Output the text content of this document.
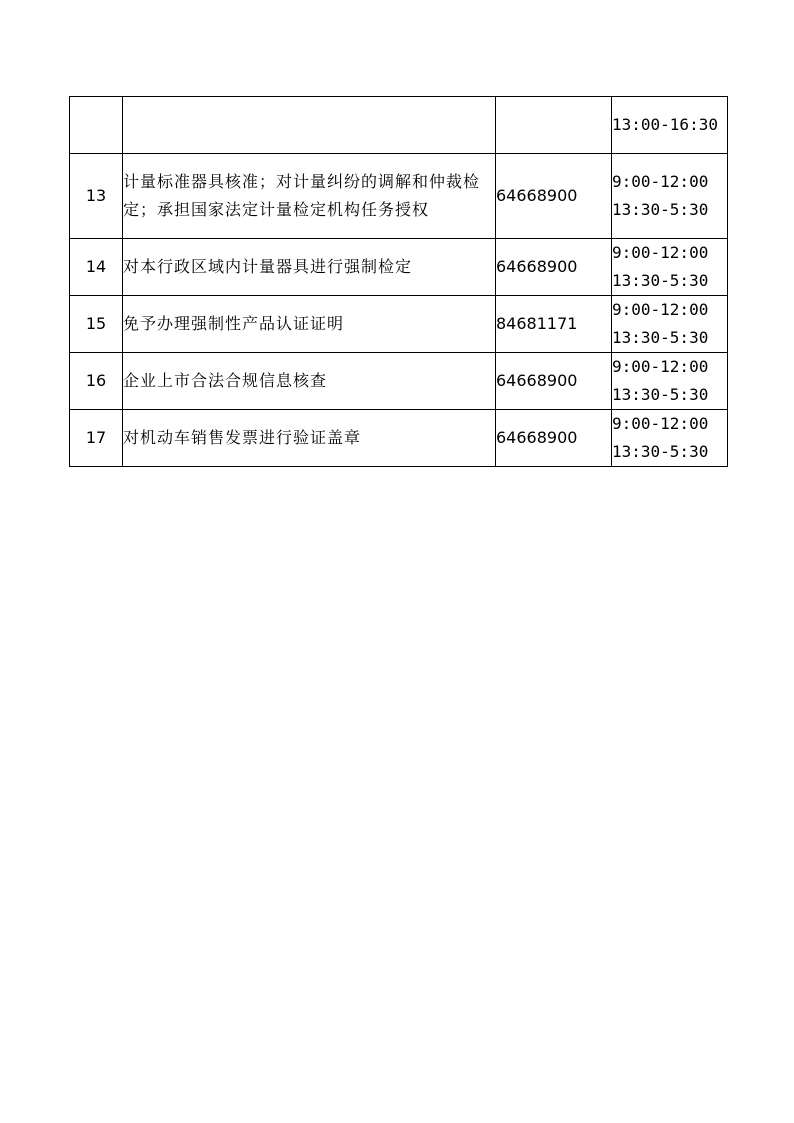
			13:00-16:30

13	计量标准器具核准；对计量纠纷的调解和仲裁检定；承担国家法定计量检定机构任务授权	64668900	9:00-12:00
13:30-5:30

14	对本行政区域内计量器具进行强制检定	64668900	9:00-12:00
13:30-5:30

15	免予办理强制性产品认证证明	84681171	9:00-12:00
13:30-5:30

16	企业上市合法合规信息核查	64668900	9:00-12:00
13:30-5:30

17	对机动车销售发票进行验证盖章	64668900	9:00-12:00
13:30-5:30
